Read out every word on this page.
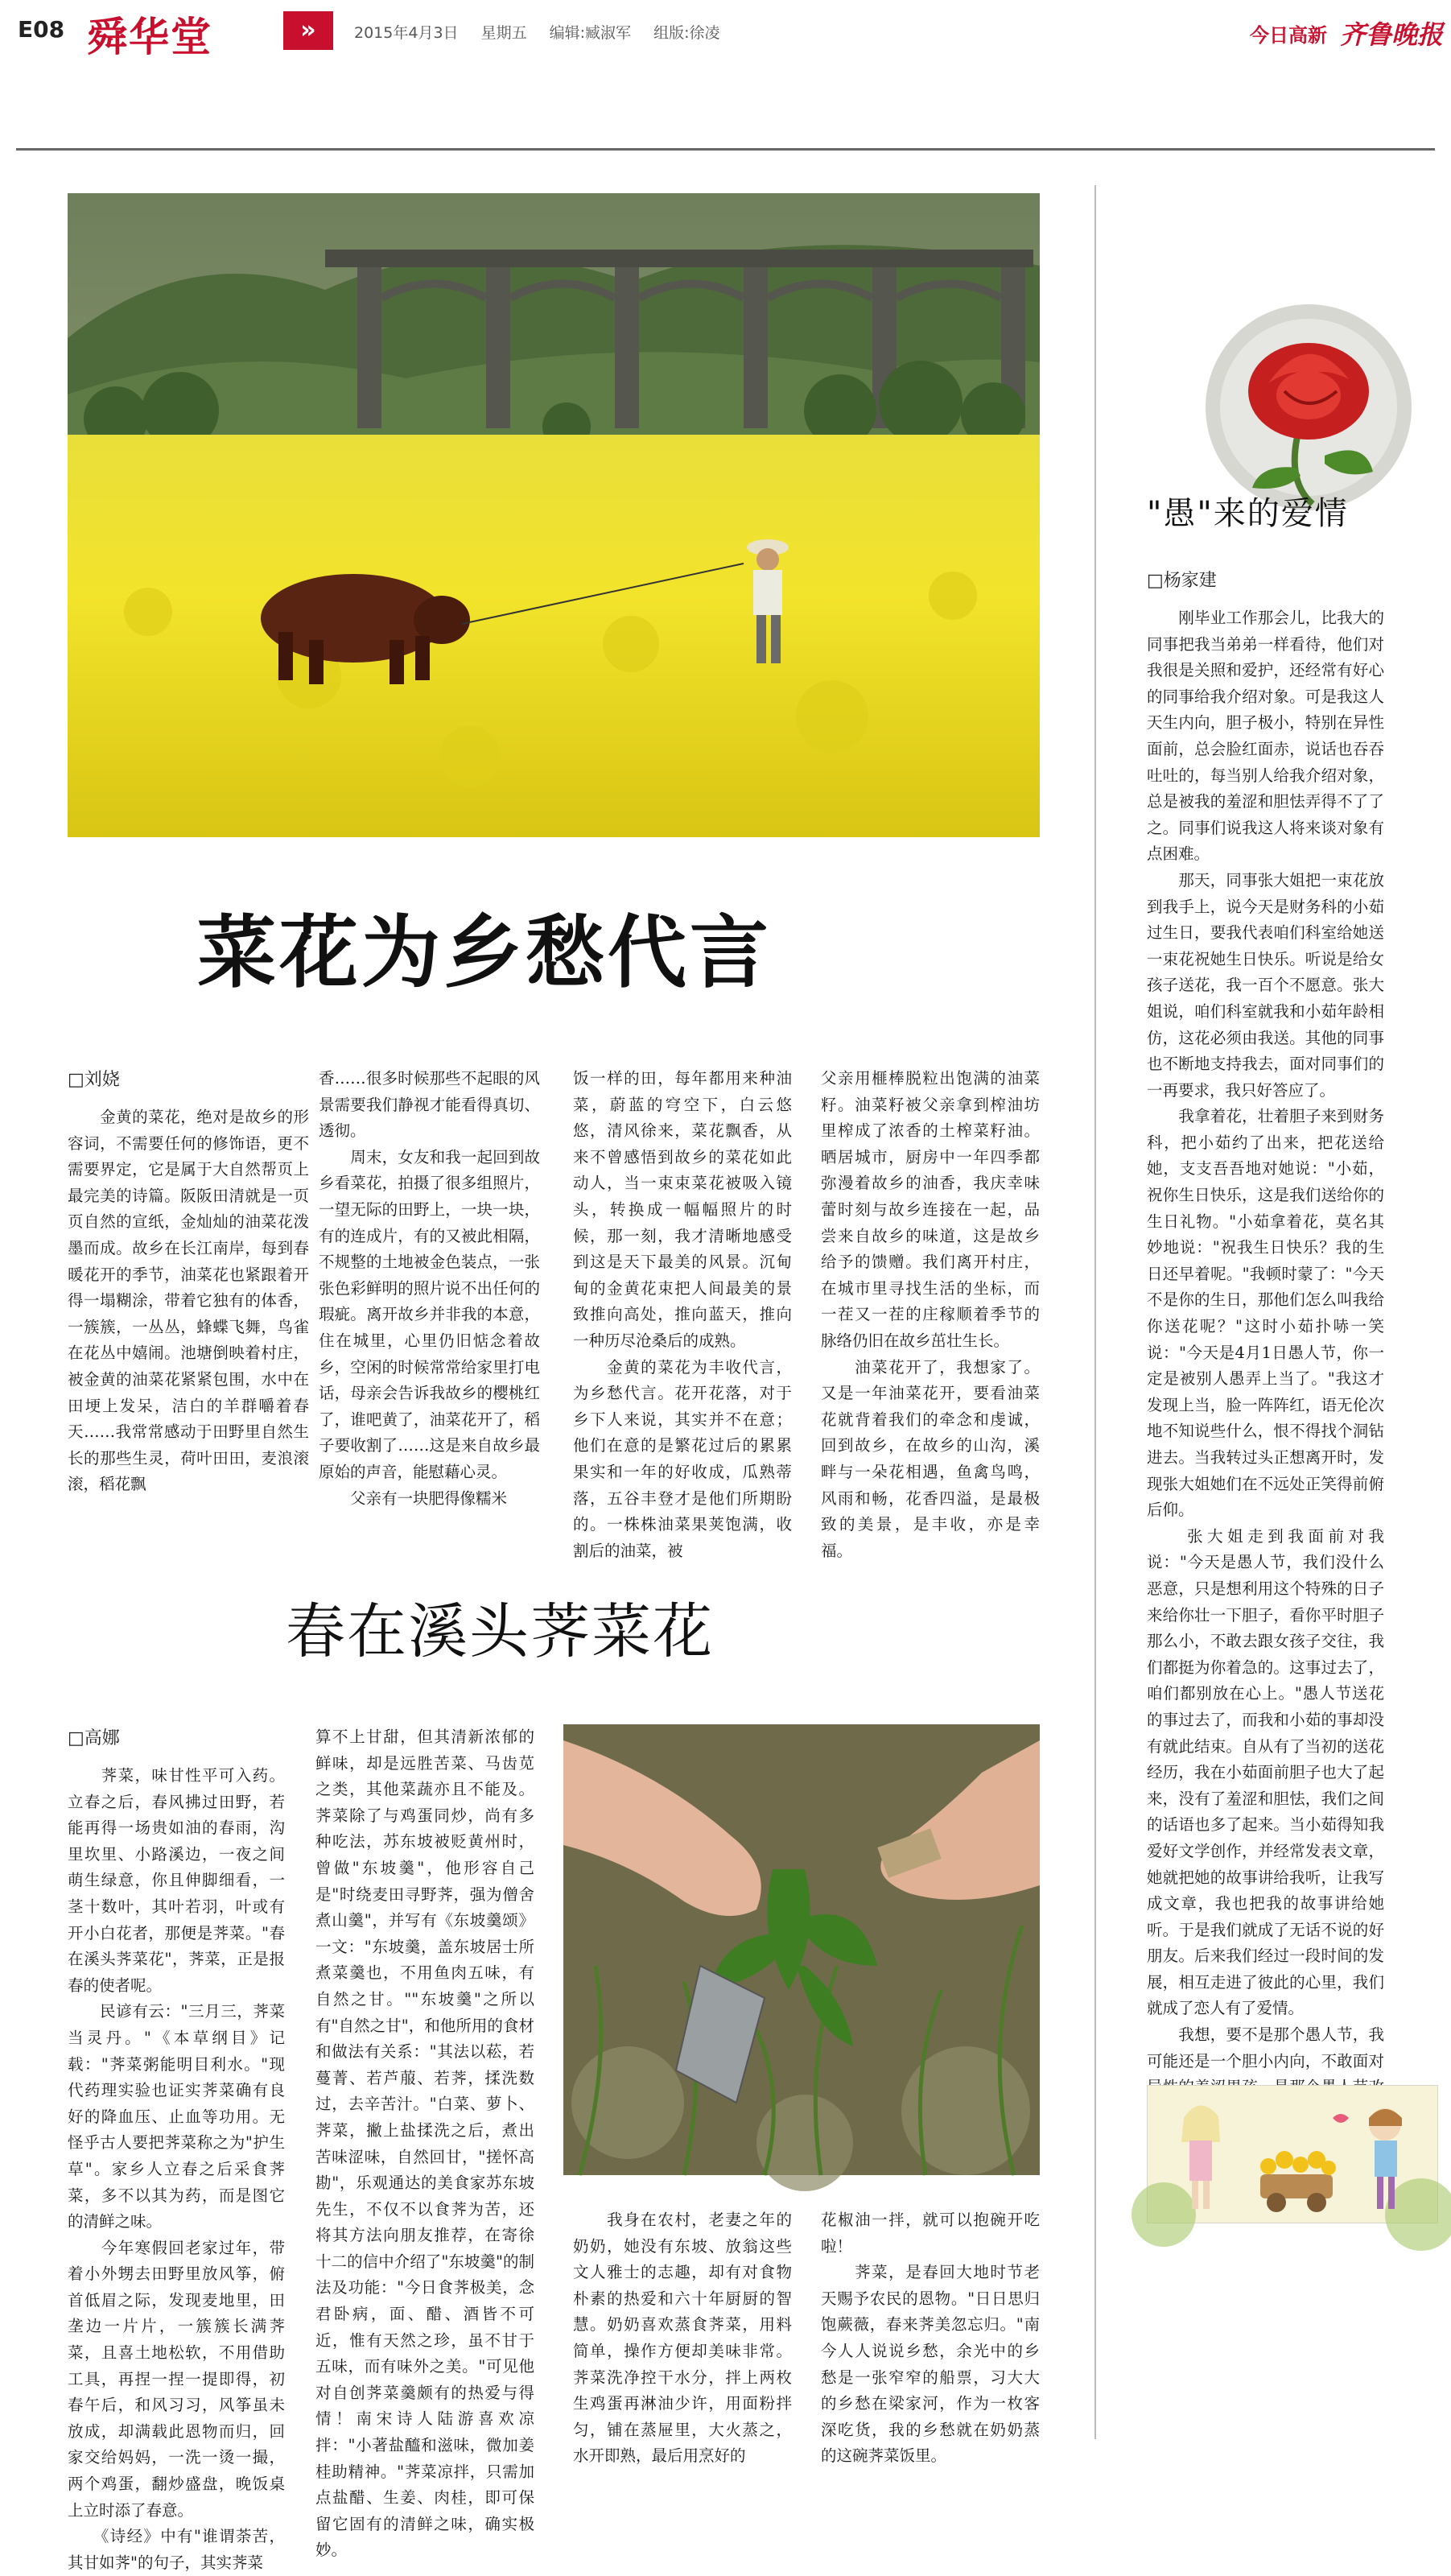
E08 舜华堂	»	2015年4月3日 星期五 编辑:臧淑军 组版:徐凌	今日高新 齐鲁晚报
菜花为乡愁代言
□刘娆
　　金黄的菜花，绝对是故乡的形容词，不需要任何的修饰语，更不需要界定，它是属于大自然帮页上最完美的诗篇。阪阪田清就是一页页自然的宣纸，金灿灿的油菜花泼墨而成。故乡在长江南岸，每到春暖花开的季节，油菜花也紧跟着开得一塌糊涂，带着它独有的体香，一簇簇，一丛丛，蜂蝶飞舞，鸟雀在花丛中嬉闹。池塘倒映着村庄，被金黄的油菜花紧紧包围，水中在田埂上发呆，洁白的羊群嚼着春天……我常常感动于田野里自然生长的那些生灵，荷叶田田，麦浪滚滚，稻花飘
香……很多时候那些不起眼的风景需要我们静视才能看得真切、透彻。
　　周末，女友和我一起回到故乡看菜花，拍摄了很多组照片，一望无际的田野上，一块一块，有的连成片，有的又被此相隔，不规整的土地被金色装点，一张张色彩鲜明的照片说不出任何的瑕疵。离开故乡并非我的本意，住在城里，心里仍旧惦念着故乡，空闲的时候常常给家里打电话，母亲会告诉我故乡的樱桃红了，谁吧黄了，油菜花开了，稻子要收割了……这是来自故乡最原始的声音，能慰藉心灵。
　　父亲有一块肥得像糯米
饭一样的田，每年都用来种油菜，蔚蓝的穹空下，白云悠悠，清风徐来，菜花飘香，从来不曾感悟到故乡的菜花如此动人，当一束束菜花被吸入镜头，转换成一幅幅照片的时候，那一刻，我才清晰地感受到这是天下最美的风景。沉甸甸的金黄花束把人间最美的景致推向高处，推向蓝天，推向一种历尽沧桑后的成熟。
　　金黄的菜花为丰收代言，为乡愁代言。花开花落，对于乡下人来说，其实并不在意；他们在意的是繁花过后的累累果实和一年的好收成，瓜熟蒂落，五谷丰登才是他们所期盼的。一株株油菜果荚饱满，收割后的油菜，被
父亲用榧棒脱粒出饱满的油菜籽。油菜籽被父亲拿到榨油坊里榨成了浓香的土榨菜籽油。晒居城市，厨房中一年四季都弥漫着故乡的油香，我庆幸味蕾时刻与故乡连接在一起，品尝来自故乡的味道，这是故乡给予的馈赠。我们离开村庄，在城市里寻找生活的坐标，而一茬又一茬的庄稼顺着季节的脉络仍旧在故乡茁壮生长。
　　油菜花开了，我想家了。又是一年油菜花开，要看油菜花就背着我们的牵念和虔诚，回到故乡，在故乡的山沟，溪畔与一朵花相遇，鱼禽鸟鸣，风雨和畅，花香四溢，是最极致的美景，是丰收，亦是幸福。
春在溪头荠菜花
□高娜
　　荠菜，味甘性平可入药。立春之后，春风拂过田野，若能再得一场贵如油的春雨，沟里坎里、小路溪边，一夜之间萌生绿意，你且伸脚细看，一茎十数叶，其叶若羽，叶或有开小白花者，那便是荠菜。"春在溪头荠菜花"，荠菜，正是报春的使者呢。
　　民谚有云："三月三，荠菜当灵丹。"《本草纲目》记载："荠菜粥能明目利水。"现代药理实验也证实荠菜确有良好的降血压、止血等功用。无怪乎古人要把荠菜称之为"护生草"。家乡人立春之后采食荠菜，多不以其为药，而是图它的清鲜之味。
　　今年寒假回老家过年，带着小外甥去田野里放风筝，俯首低眉之际，发现麦地里，田垄边一片片，一簇簇长满荠菜，且喜土地松软，不用借助工具，再捏一捏一提即得，初春午后，和风习习，风筝虽未放成，却满载此恩物而归，回家交给妈妈，一洗一烫一撮，两个鸡蛋，翻炒盛盘，晚饭桌上立时添了春意。
　　《诗经》中有"谁谓荼苦，其甘如荠"的句子，其实荠菜
算不上甘甜，但其清新浓郁的鲜味，却是远胜苦菜、马齿苋之类，其他菜蔬亦且不能及。荠菜除了与鸡蛋同炒，尚有多种吃法，苏东坡被贬黄州时，曾做"东坡羹"，他形容自己是"时绕麦田寻野荠，强为僧舍煮山羹"，并写有《东坡羹颂》一文："东坡羹，盖东坡居士所煮菜羹也，不用鱼肉五味，有自然之甘。""东坡羹"之所以有"自然之甘"，和他所用的食材和做法有关系："其法以菘，若蔓菁、若芦菔、若荠，揉洗数过，去辛苦汁。"白菜、萝卜、荠菜，撇上盐揉洗之后，煮出苦味涩味，自然回甘，"搓怀高勘"，乐观通达的美食家苏东坡先生，不仅不以食荠为苦，还将其方法向朋友推荐，在寄徐十二的信中介绍了"东坡羹"的制法及功能："今日食荠极美，念君卧病，面、醋、酒皆不可近，惟有天然之珍，虽不甘于五味，而有味外之美。"可见他对自创荠菜羹颇有的热爱与得情！南宋诗人陆游喜欢凉拌："小著盐醯和滋味，微加姜桂助精神。"荠菜凉拌，只需加点盐醋、生姜、肉桂，即可保留它固有的清鲜之味，确实极妙。
　　我身在农村，老妻之年的奶奶，她没有东坡、放翁这些文人雅士的志趣，却有对食物朴素的热爱和六十年厨厨的智慧。奶奶喜欢蒸食荠菜，用料简单，操作方便却美味非常。荠菜洗净控干水分，拌上两枚生鸡蛋再淋油少许，用面粉拌匀，铺在蒸屉里，大火蒸之，水开即熟，最后用烹好的
花椒油一拌，就可以抱碗开吃啦！
　　荠菜，是春回大地时节老天赐予农民的恩物。"日日思归饱蕨薇，春来荠美忽忘归。"南今人人说说乡愁，余光中的乡愁是一张窄窄的船票，习大大的乡愁在梁家河，作为一枚客深吃货，我的乡愁就在奶奶蒸的这碗荠菜饭里。
"愚"来的爱情
□杨家建
　　刚毕业工作那会儿，比我大的同事把我当弟弟一样看待，他们对我很是关照和爱护，还经常有好心的同事给我介绍对象。可是我这人天生内向，胆子极小，特别在异性面前，总会脸红面赤，说话也吞吞吐吐的，每当别人给我介绍对象，总是被我的羞涩和胆怯弄得不了了之。同事们说我这人将来谈对象有点困难。
　　那天，同事张大姐把一束花放到我手上，说今天是财务科的小茹过生日，要我代表咱们科室给她送一束花祝她生日快乐。听说是给女孩子送花，我一百个不愿意。张大姐说，咱们科室就我和小茹年龄相仿，这花必须由我送。其他的同事也不断地支持我去，面对同事们的一再要求，我只好答应了。
　　我拿着花，壮着胆子来到财务科，把小茹约了出来，把花送给她，支支吾吾地对她说："小茹，祝你生日快乐，这是我们送给你的生日礼物。"小茹拿着花，莫名其妙地说："祝我生日快乐？我的生日还早着呢。"我顿时蒙了："今天不是你的生日，那他们怎么叫我给你送花呢？"这时小茹扑哧一笑说："今天是4月1日愚人节，你一定是被别人愚弄上当了。"我这才发现上当，脸一阵阵红，语无伦次地不知说些什么，恨不得找个洞钻进去。当我转过头正想离开时，发现张大姐她们在不远处正笑得前俯后仰。
　　张大姐走到我面前对我说："今天是愚人节，我们没什么恶意，只是想利用这个特殊的日子来给你壮一下胆子，看你平时胆子那么小，不敢去跟女孩子交往，我们都挺为你着急的。这事过去了，咱们都别放在心上。"愚人节送花的事过去了，而我和小茹的事却没有就此结束。自从有了当初的送花经历，我在小茹面前胆子也大了起来，没有了羞涩和胆怯，我们之间的话语也多了起来。当小茹得知我爱好文学创作，并经常发表文章，她就把她的故事讲给我听，让我写成文章，我也把我的故事讲给她听。于是我们就成了无话不说的好朋友。后来我们经过一段时间的发展，相互走进了彼此的心里，我们就成了恋人有了爱情。
　　我想，要不是那个愚人节，我可能还是一个胆小内向，不敢面对
